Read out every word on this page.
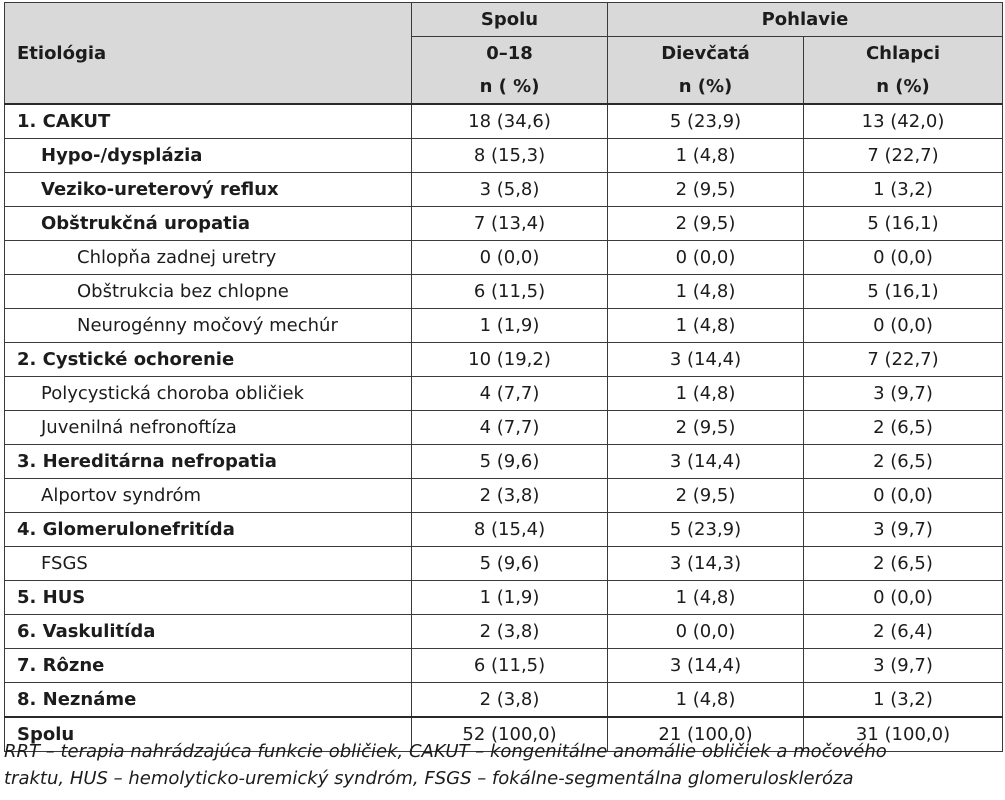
Etiológia	Spolu	Pohlavie	
	0–18	Dievčatá	Chlapci
	n ( %)	n (%)	n (%)
1. CAKUT	18 (34,6)	5 (23,9)	13 (42,0)
Hypo-/dysplázia	8 (15,3)	1 (4,8)	7 (22,7)
Veziko-ureterový reflux	3 (5,8)	2 (9,5)	1 (3,2)
Obštrukčná uropatia	7 (13,4)	2 (9,5)	5 (16,1)
Chlopňa zadnej uretry	0 (0,0)	0 (0,0)	0 (0,0)
Obštrukcia bez chlopne	6 (11,5)	1 (4,8)	5 (16,1)
Neurogénny močový mechúr	1 (1,9)	1 (4,8)	0 (0,0)
2. Cystické ochorenie	10 (19,2)	3 (14,4)	7 (22,7)
Polycystická choroba obličiek	4 (7,7)	1 (4,8)	3 (9,7)
Juvenilná nefronoftíza	4 (7,7)	2 (9,5)	2 (6,5)
3. Hereditárna nefropatia	5 (9,6)	3 (14,4)	2 (6,5)
Alportov syndróm	2 (3,8)	2 (9,5)	0 (0,0)
4. Glomerulonefritída	8 (15,4)	5 (23,9)	3 (9,7)
FSGS	5 (9,6)	3 (14,3)	2 (6,5)
5. HUS	1 (1,9)	1 (4,8)	0 (0,0)
6. Vaskulitída	2 (3,8)	0 (0,0)	2 (6,4)
7. Rôzne	6 (11,5)	3 (14,4)	3 (9,7)
8. Neznáme	2 (3,8)	1 (4,8)	1 (3,2)
Spolu	52 (100,0)	21 (100,0)	31 (100,0)
RRT – terapia nahrádzajúca funkcie obličiek, CAKUT – kongenitálne anomálie obličiek a močového
traktu, HUS – hemolyticko-uremický syndróm, FSGS – fokálne-segmentálna glomeruloskleróza
